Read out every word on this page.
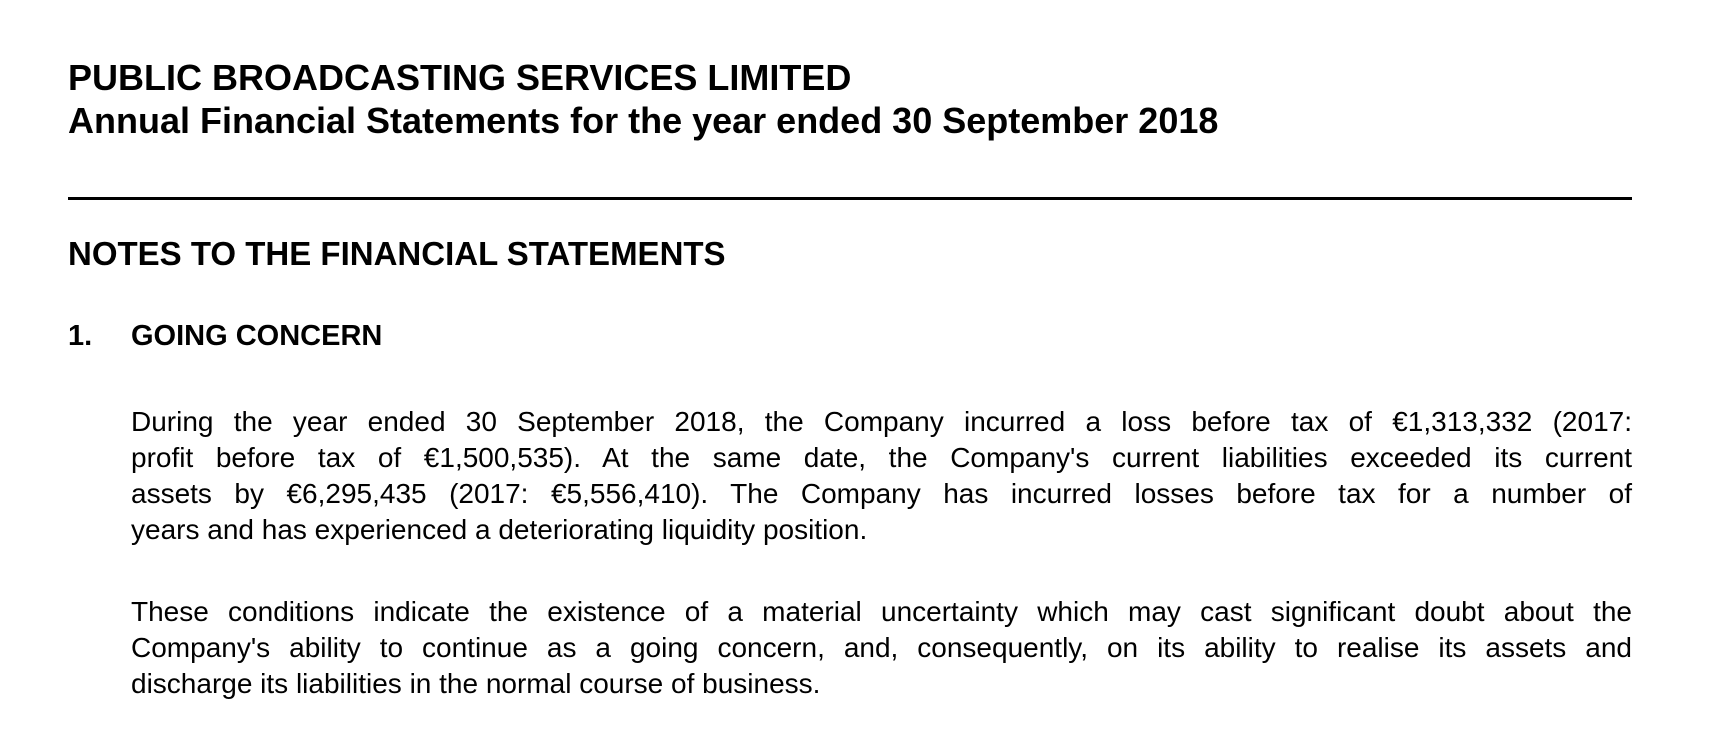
PUBLIC BROADCASTING SERVICES LIMITED
Annual Financial Statements for the year ended 30 September 2018
NOTES TO THE FINANCIAL STATEMENTS
1. GOING CONCERN
During the year ended 30 September 2018, the Company incurred a loss before tax of €1,313,332 (2017:
profit before tax of €1,500,535). At the same date, the Company's current liabilities exceeded its current
assets by €6,295,435 (2017: €5,556,410). The Company has incurred losses before tax for a number of
years and has experienced a deteriorating liquidity position.
These conditions indicate the existence of a material uncertainty which may cast significant doubt about the
Company's ability to continue as a going concern, and, consequently, on its ability to realise its assets and
discharge its liabilities in the normal course of business.
